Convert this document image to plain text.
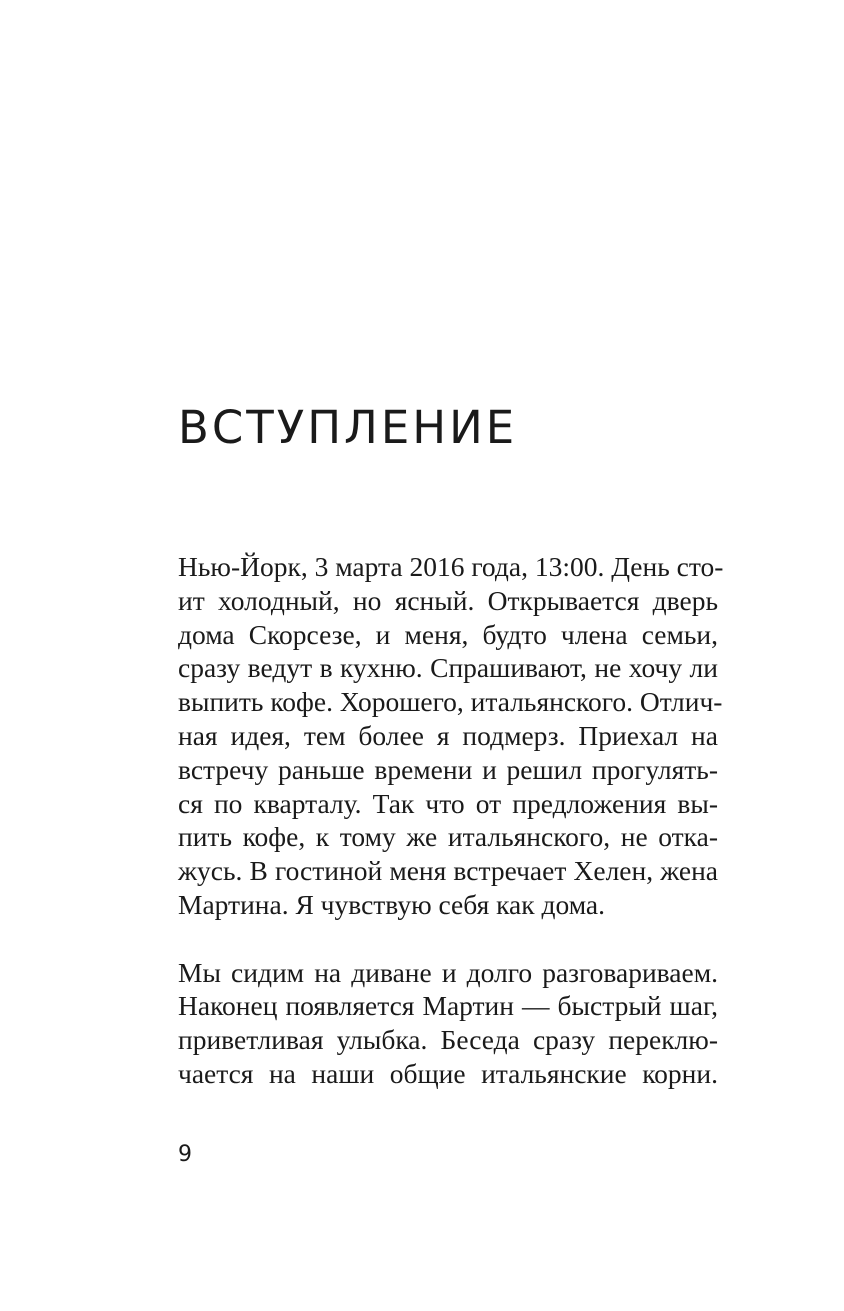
ВСТУПЛЕНИЕ

Нью-Йорк, 3 марта 2016 года, 13:00. День сто-
ит холодный, но ясный. Открывается дверь
дома Скорсезе, и меня, будто члена семьи,
сразу ведут в кухню. Спрашивают, не хочу ли
выпить кофе. Хорошего, итальянского. Отлич-
ная идея, тем более я подмерз. Приехал на
встречу раньше времени и решил прогулять-
ся по кварталу. Так что от предложения вы-
пить кофе, к тому же итальянского, не отка-
жусь. В гостиной меня встречает Хелен, жена
Мартина. Я чувствую себя как дома.

Мы сидим на диване и долго разговариваем.
Наконец появляется Мартин — быстрый шаг,
приветливая улыбка. Беседа сразу переклю-
чается на наши общие итальянские корни.

9
